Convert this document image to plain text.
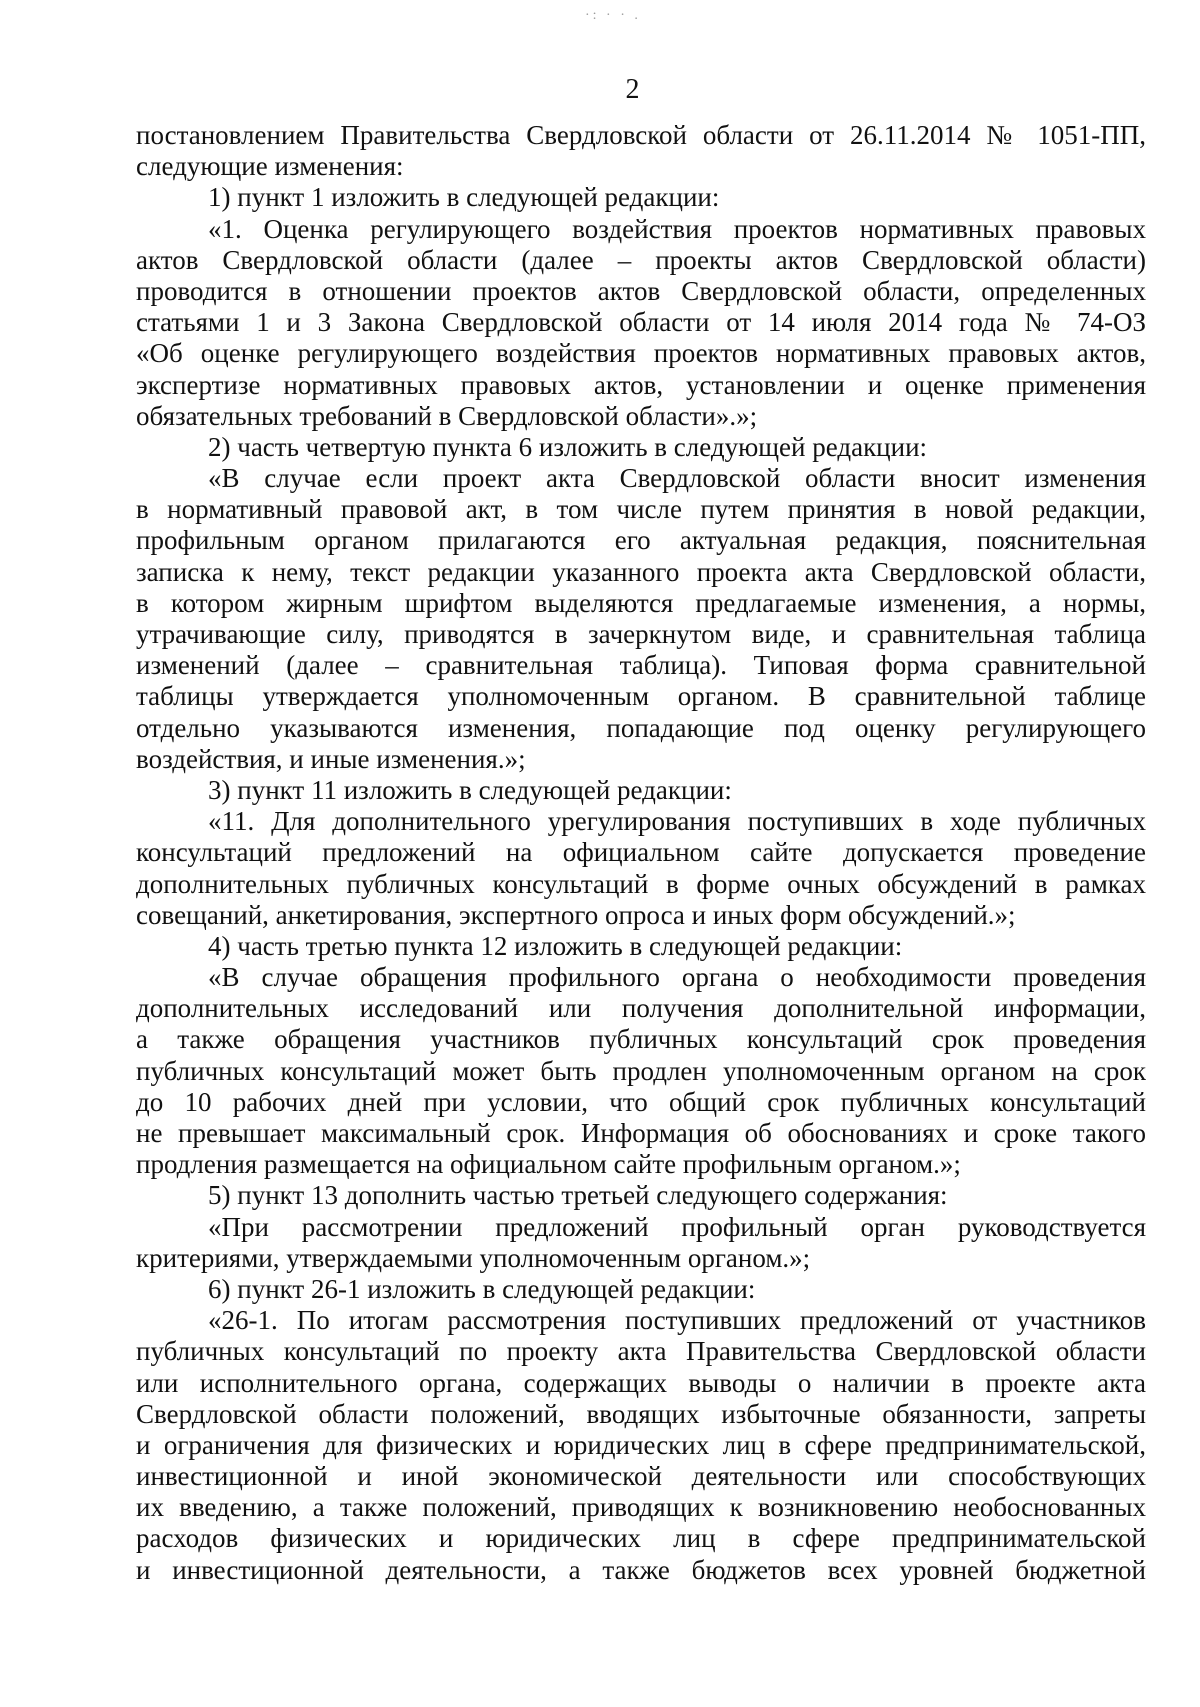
·: · · .
2
постановлением Правительства Свердловской области от 26.11.2014 № 1051-ПП,
следующие изменения:
1) пункт 1 изложить в следующей редакции:
«1. Оценка регулирующего воздействия проектов нормативных правовых
актов Свердловской области (далее – проекты актов Свердловской области)
проводится в отношении проектов актов Свердловской области, определенных
статьями 1 и 3 Закона Свердловской области от 14 июля 2014 года № 74-ОЗ
«Об оценке регулирующего воздействия проектов нормативных правовых актов,
экспертизе нормативных правовых актов, установлении и оценке применения
обязательных требований в Свердловской области».»;
2) часть четвертую пункта 6 изложить в следующей редакции:
«В случае если проект акта Свердловской области вносит изменения
в нормативный правовой акт, в том числе путем принятия в новой редакции,
профильным органом прилагаются его актуальная редакция, пояснительная
записка к нему, текст редакции указанного проекта акта Свердловской области,
в котором жирным шрифтом выделяются предлагаемые изменения, а нормы,
утрачивающие силу, приводятся в зачеркнутом виде, и сравнительная таблица
изменений (далее – сравнительная таблица). Типовая форма сравнительной
таблицы утверждается уполномоченным органом. В сравнительной таблице
отдельно указываются изменения, попадающие под оценку регулирующего
воздействия, и иные изменения.»;
3) пункт 11 изложить в следующей редакции:
«11. Для дополнительного урегулирования поступивших в ходе публичных
консультаций предложений на официальном сайте допускается проведение
дополнительных публичных консультаций в форме очных обсуждений в рамках
совещаний, анкетирования, экспертного опроса и иных форм обсуждений.»;
4) часть третью пункта 12 изложить в следующей редакции:
«В случае обращения профильного органа о необходимости проведения
дополнительных исследований или получения дополнительной информации,
а также обращения участников публичных консультаций срок проведения
публичных консультаций может быть продлен уполномоченным органом на срок
до 10 рабочих дней при условии, что общий срок публичных консультаций
не превышает максимальный срок. Информация об обоснованиях и сроке такого
продления размещается на официальном сайте профильным органом.»;
5) пункт 13 дополнить частью третьей следующего содержания:
«При рассмотрении предложений профильный орган руководствуется
критериями, утверждаемыми уполномоченным органом.»;
6) пункт 26-1 изложить в следующей редакции:
«26-1. По итогам рассмотрения поступивших предложений от участников
публичных консультаций по проекту акта Правительства Свердловской области
или исполнительного органа, содержащих выводы о наличии в проекте акта
Свердловской области положений, вводящих избыточные обязанности, запреты
и ограничения для физических и юридических лиц в сфере предпринимательской,
инвестиционной и иной экономической деятельности или способствующих
их введению, а также положений, приводящих к возникновению необоснованных
расходов физических и юридических лиц в сфере предпринимательской
и инвестиционной деятельности, а также бюджетов всех уровней бюджетной
